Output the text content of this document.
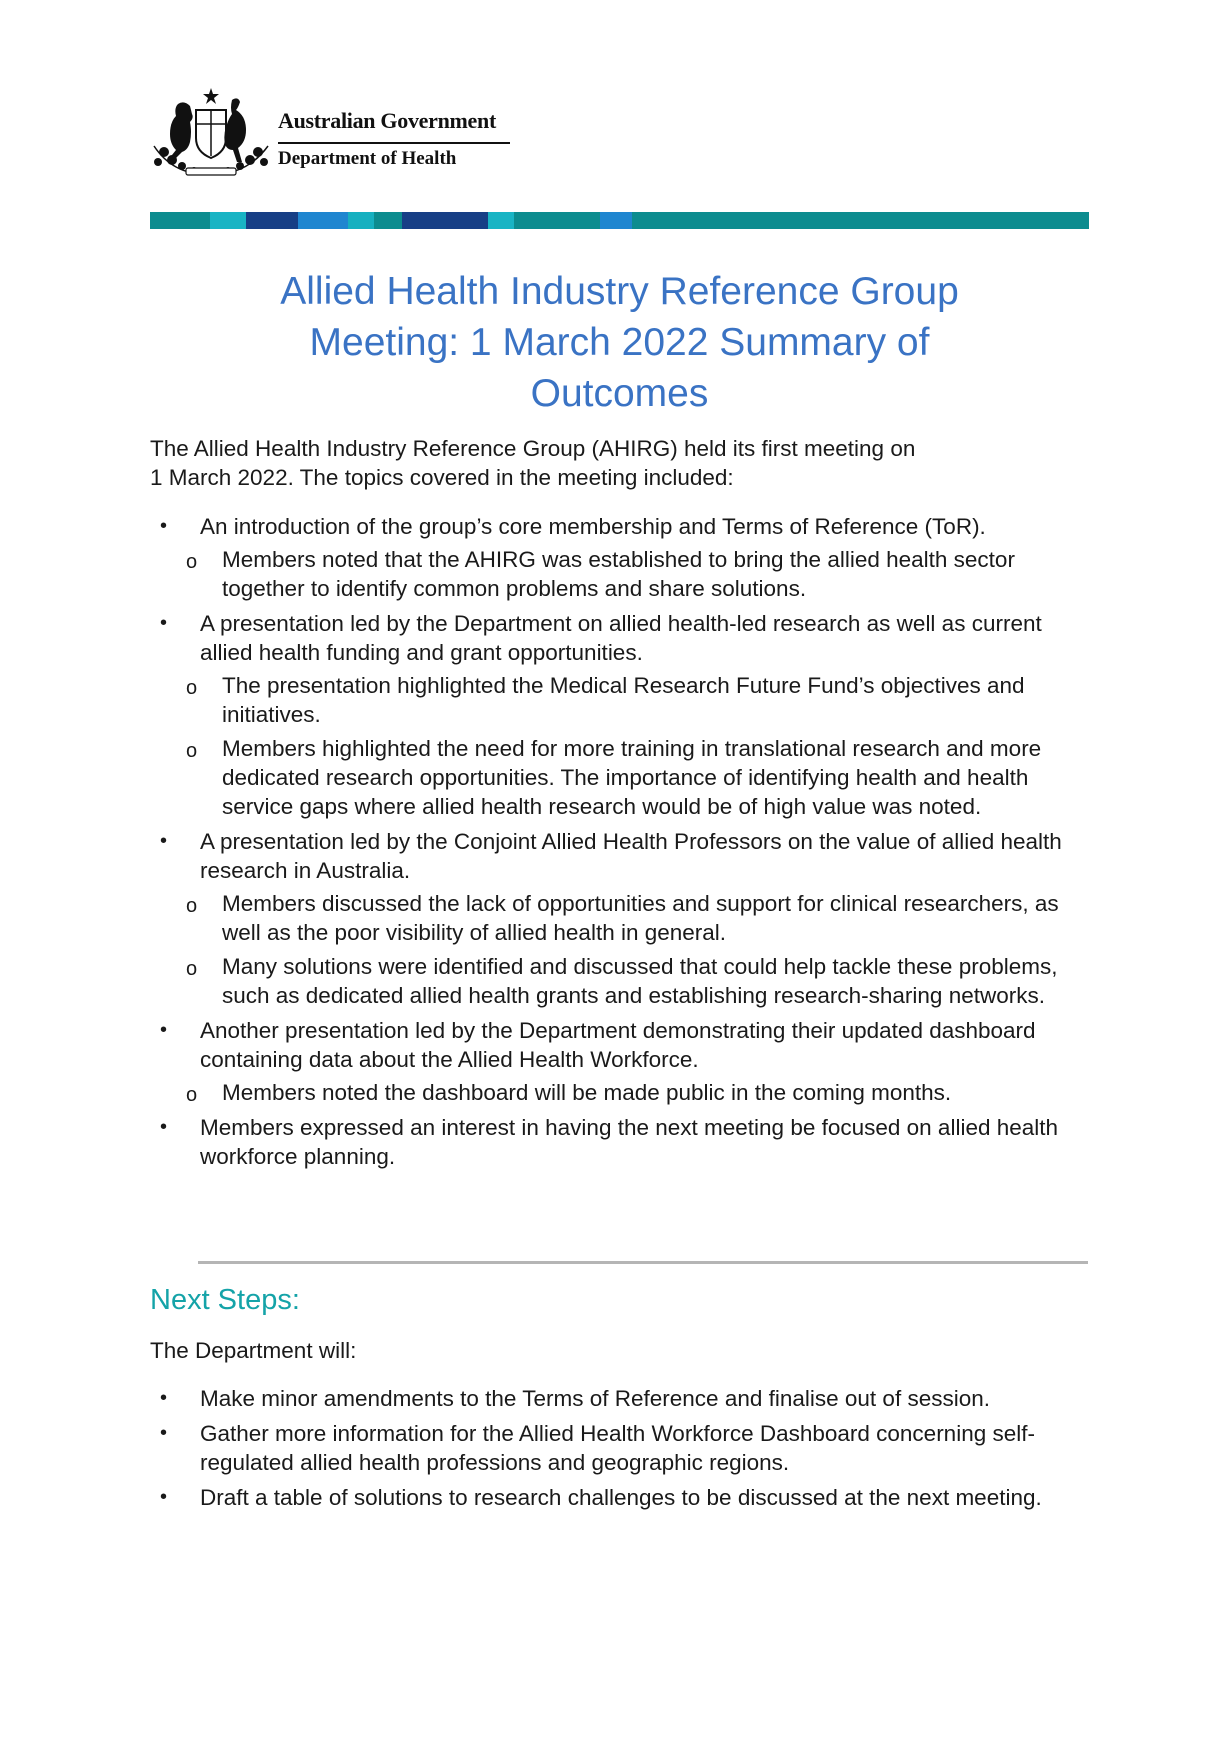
Australian Government
Department of Health
Allied Health Industry Reference Group
Meeting: 1 March 2022 Summary of
Outcomes

The Allied Health Industry Reference Group (AHIRG) held its first meeting on
1 March 2022. The topics covered in the meeting included:

• An introduction of the group’s core membership and Terms of Reference (ToR).
o Members noted that the AHIRG was established to bring the allied health sector together to identify common problems and share solutions.
• A presentation led by the Department on allied health-led research as well as current allied health funding and grant opportunities.
o The presentation highlighted the Medical Research Future Fund’s objectives and initiatives.
o Members highlighted the need for more training in translational research and more dedicated research opportunities. The importance of identifying health and health service gaps where allied health research would be of high value was noted.
• A presentation led by the Conjoint Allied Health Professors on the value of allied health research in Australia.
o Members discussed the lack of opportunities and support for clinical researchers, as well as the poor visibility of allied health in general.
o Many solutions were identified and discussed that could help tackle these problems, such as dedicated allied health grants and establishing research-sharing networks.
• Another presentation led by the Department demonstrating their updated dashboard containing data about the Allied Health Workforce.
o Members noted the dashboard will be made public in the coming months.
• Members expressed an interest in having the next meeting be focused on allied health workforce planning.
Next Steps:

The Department will:

• Make minor amendments to the Terms of Reference and finalise out of session.
• Gather more information for the Allied Health Workforce Dashboard concerning self-regulated allied health professions and geographic regions.
• Draft a table of solutions to research challenges to be discussed at the next meeting.
